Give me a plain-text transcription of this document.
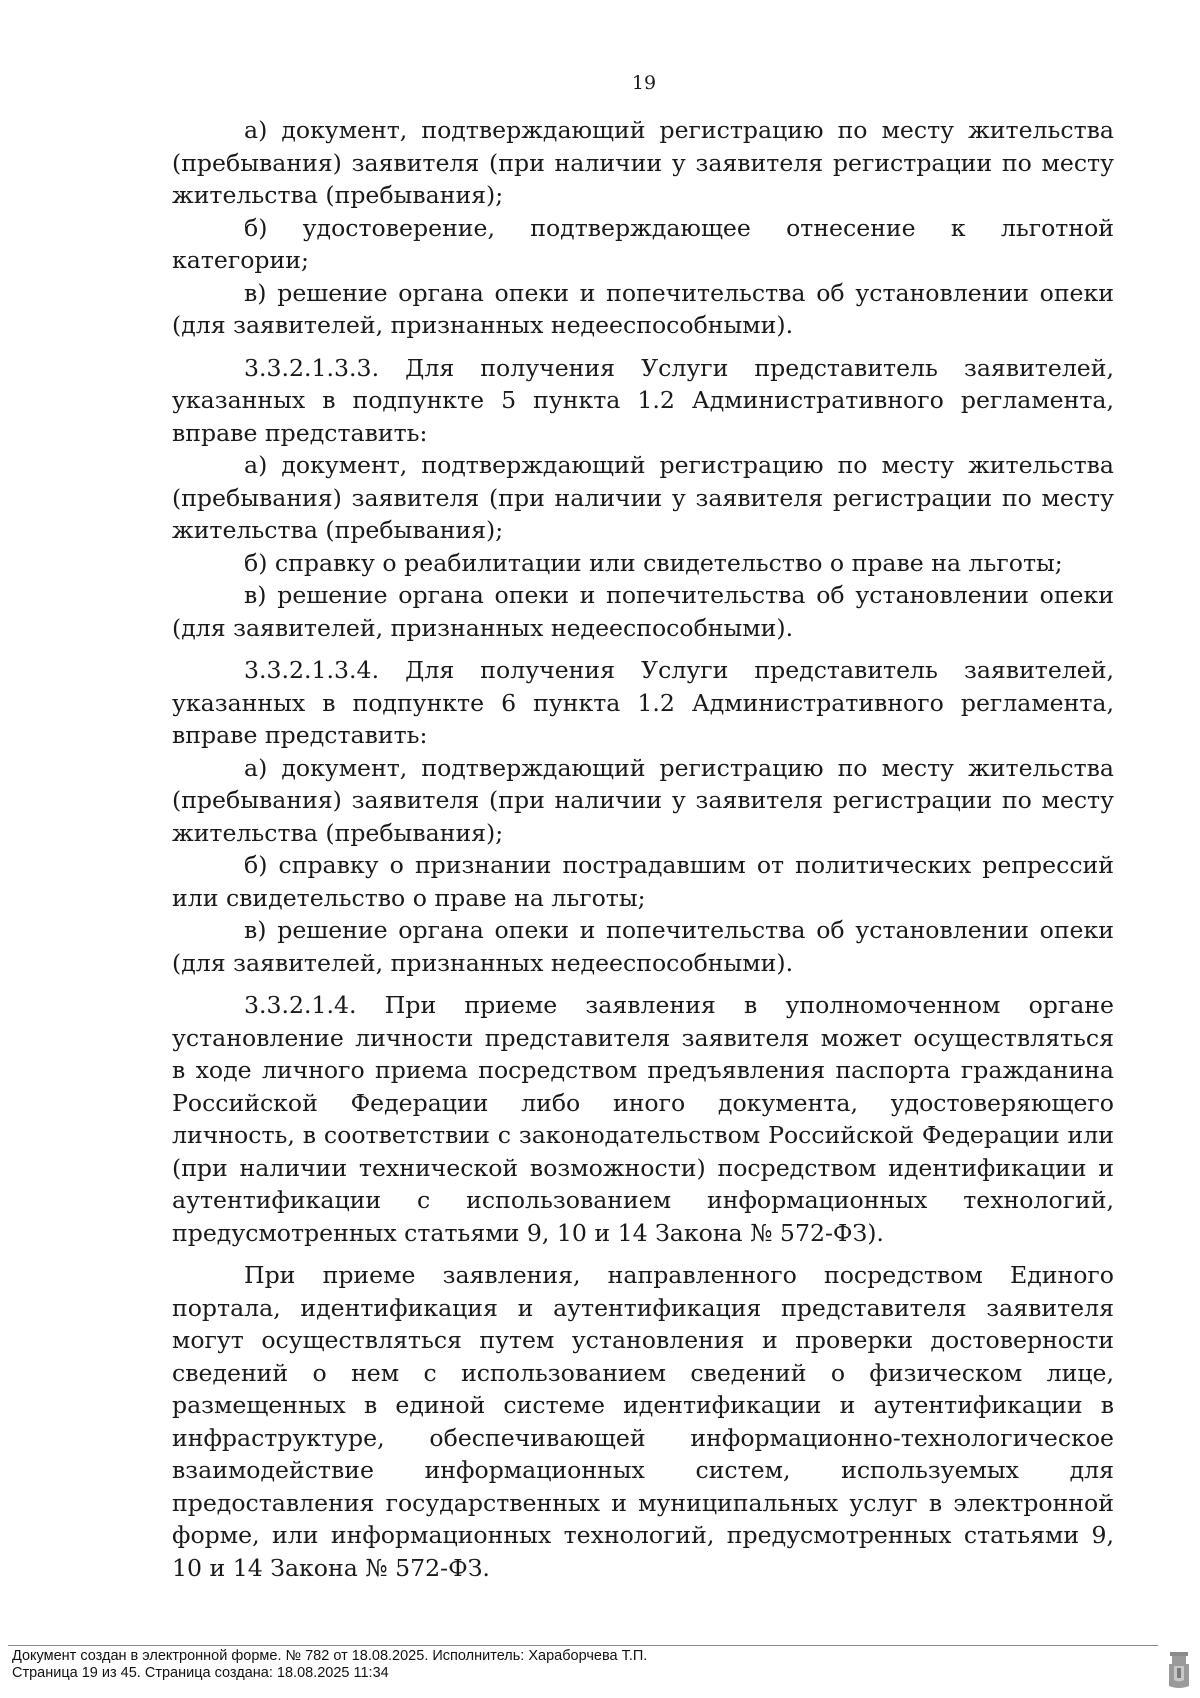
19

а) документ, подтверждающий регистрацию по месту жительства (пребывания) заявителя (при наличии у заявителя регистрации по месту жительства (пребывания);

б) удостоверение, подтверждающее отнесение к льготной категории;

в) решение органа опеки и попечительства об установлении опеки (для заявителей, признанных недееспособными).

3.3.2.1.3.3. Для получения Услуги представитель заявителей, указанных в подпункте 5 пункта 1.2 Административного регламента, вправе представить:

а) документ, подтверждающий регистрацию по месту жительства (пребывания) заявителя (при наличии у заявителя регистрации по месту жительства (пребывания);

б) справку о реабилитации или свидетельство о праве на льготы;

в) решение органа опеки и попечительства об установлении опеки (для заявителей, признанных недееспособными).

3.3.2.1.3.4. Для получения Услуги представитель заявителей, указанных в подпункте 6 пункта 1.2 Административного регламента, вправе представить:

а) документ, подтверждающий регистрацию по месту жительства (пребывания) заявителя (при наличии у заявителя регистрации по месту жительства (пребывания);

б) справку о признании пострадавшим от политических репрессий или свидетельство о праве на льготы;

в) решение органа опеки и попечительства об установлении опеки (для заявителей, признанных недееспособными).

3.3.2.1.4. При приеме заявления в уполномоченном органе установление личности представителя заявителя может осуществляться в ходе личного приема посредством предъявления паспорта гражданина Российской Федерации либо иного документа, удостоверяющего личность, в соответствии с законодательством Российской Федерации или (при наличии технической возможности) посредством идентификации и аутентификации с использованием информационных технологий, предусмотренных статьями 9, 10 и 14 Закона № 572-ФЗ).

При приеме заявления, направленного посредством Единого портала, идентификация и аутентификация представителя заявителя могут осуществляться путем установления и проверки достоверности сведений о нем с использованием сведений о физическом лице, размещенных в единой системе идентификации и аутентификации в инфраструктуре, обеспечивающей информационно-технологическое взаимодействие информационных систем, используемых для предоставления государственных и муниципальных услуг в электронной форме, или информационных технологий, предусмотренных статьями 9, 10 и 14 Закона № 572-ФЗ.

Документ создан в электронной форме. № 782 от 18.08.2025. Исполнитель: Хараборчева Т.П.
Страница 19 из 45. Страница создана: 18.08.2025 11:34
